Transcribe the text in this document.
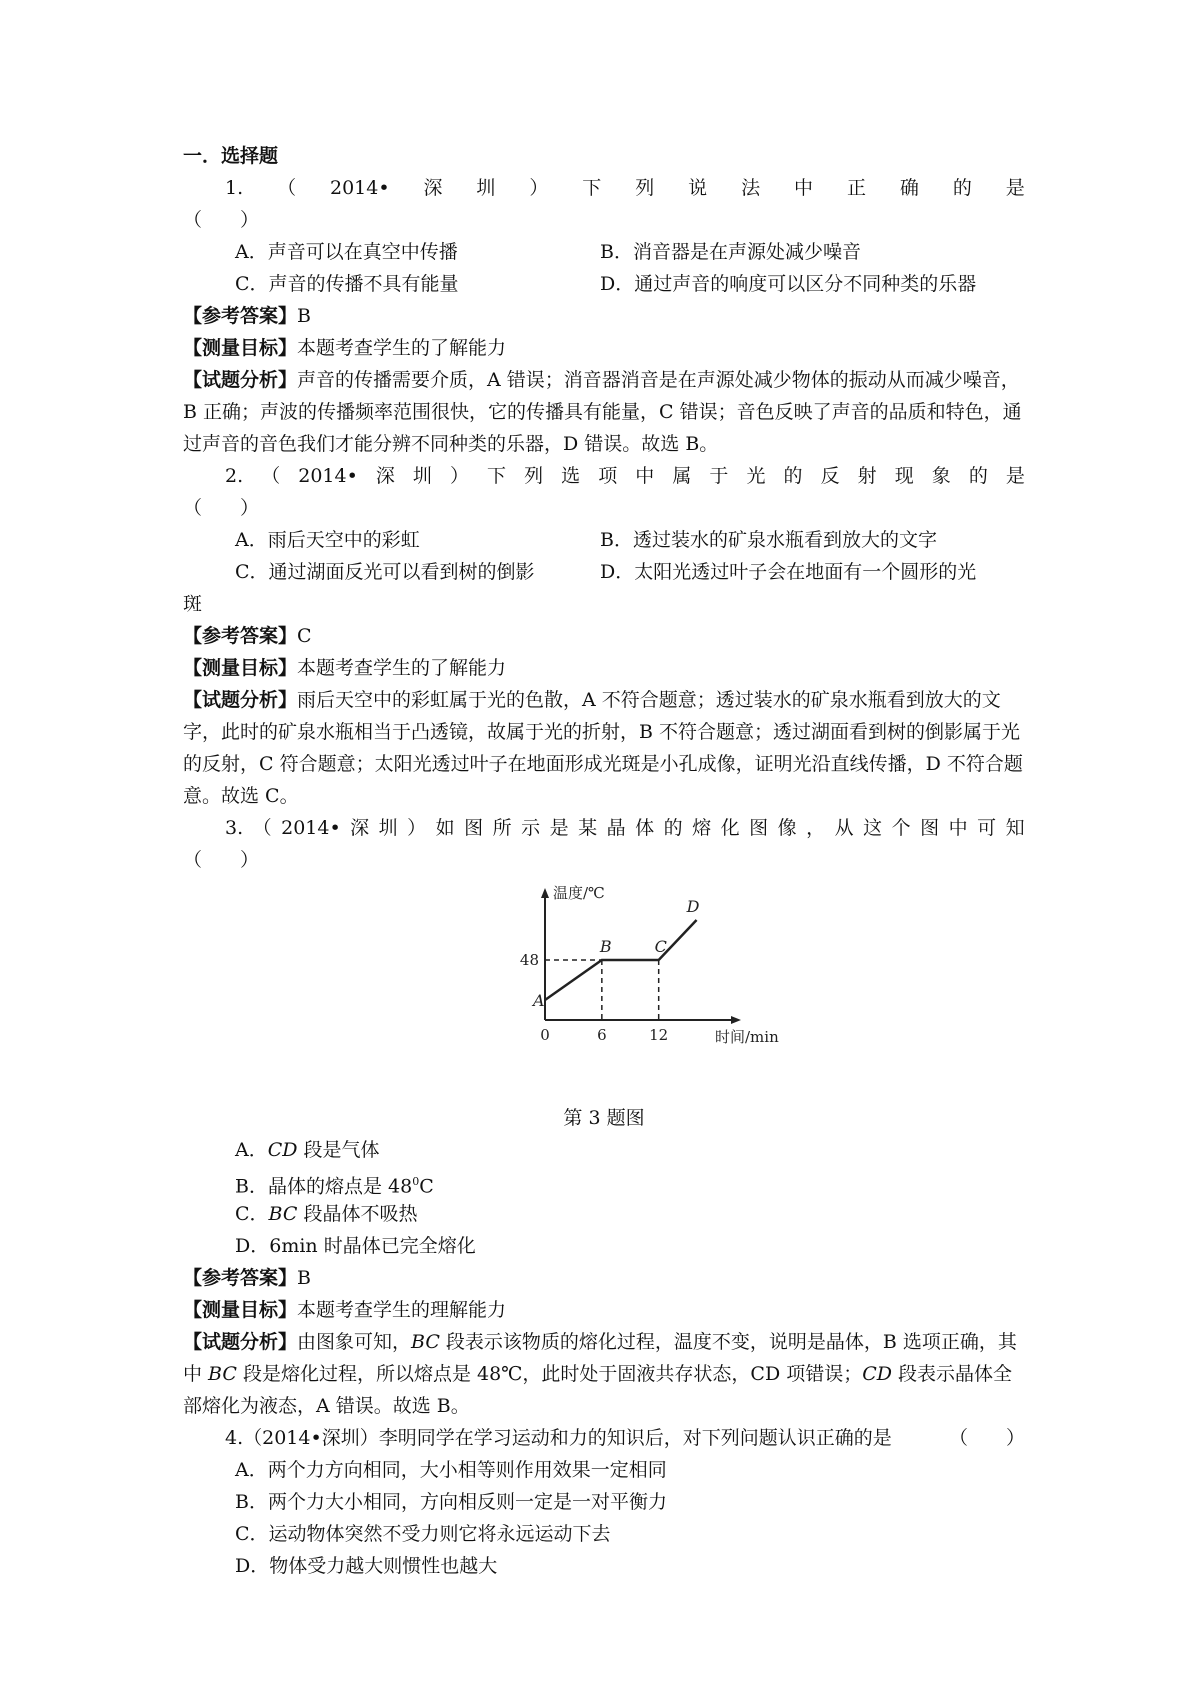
一．选择题
1. （ 2014• 深 圳 ） 下 列 说 法 中 正 确 的 是
（　　）
A．声音可以在真空中传播	B．消音器是在声源处减少噪音
C．声音的传播不具有能量	D．通过声音的响度可以区分不同种类的乐器
【参考答案】B
【测量目标】本题考查学生的了解能力
【试题分析】声音的传播需要介质，A 错误；消音器消音是在声源处减少物体的振动从而减少噪音，B 正确；声波的传播频率范围很快，它的传播具有能量，C 错误；音色反映了声音的品质和特色，通过声音的音色我们才能分辨不同种类的乐器，D 错误。故选 B。
2. （ 2014• 深 圳 ） 下 列 选 项 中 属 于 光 的 反 射 现 象 的 是
（　　）
A．雨后天空中的彩虹	B．透过装水的矿泉水瓶看到放大的文字
C．通过湖面反光可以看到树的倒影	D．太阳光透过叶子会在地面有一个圆形的光
斑
【参考答案】C
【测量目标】本题考查学生的了解能力
【试题分析】雨后天空中的彩虹属于光的色散，A 不符合题意；透过装水的矿泉水瓶看到放大的文字，此时的矿泉水瓶相当于凸透镜，故属于光的折射，B 不符合题意；透过湖面看到树的倒影属于光的反射，C 符合题意；太阳光透过叶子在地面形成光斑是小孔成像，证明光沿直线传播，D 不符合题意。故选 C。
3. （ 2014• 深 圳 ） 如 图 所 示 是 某 晶 体 的 熔 化 图 像 ， 从 这 个 图 中 可 知
（　　）
温度/℃
时间/min
48
0	6	12
A
B	C
D
第 3 题图
A．CD 段是气体
B．晶体的熔点是 $48^0C$
C．BC 段晶体不吸热
D．6min 时晶体已完全熔化
【参考答案】B
【测量目标】本题考查学生的理解能力
【试题分析】由图象可知，BC 段表示该物质的熔化过程，温度不变，说明是晶体，B 选项正确，其中 BC 段是熔化过程，所以熔点是 48℃，此时处于固液共存状态，CD 项错误；CD 段表示晶体全部熔化为液态，A 错误。故选 B。
4.（2014•深圳）李明同学在学习运动和力的知识后，对下列问题认识正确的是	（　　）
A．两个力方向相同，大小相等则作用效果一定相同
B．两个力大小相同，方向相反则一定是一对平衡力
C．运动物体突然不受力则它将永远运动下去
D．物体受力越大则惯性也越大
